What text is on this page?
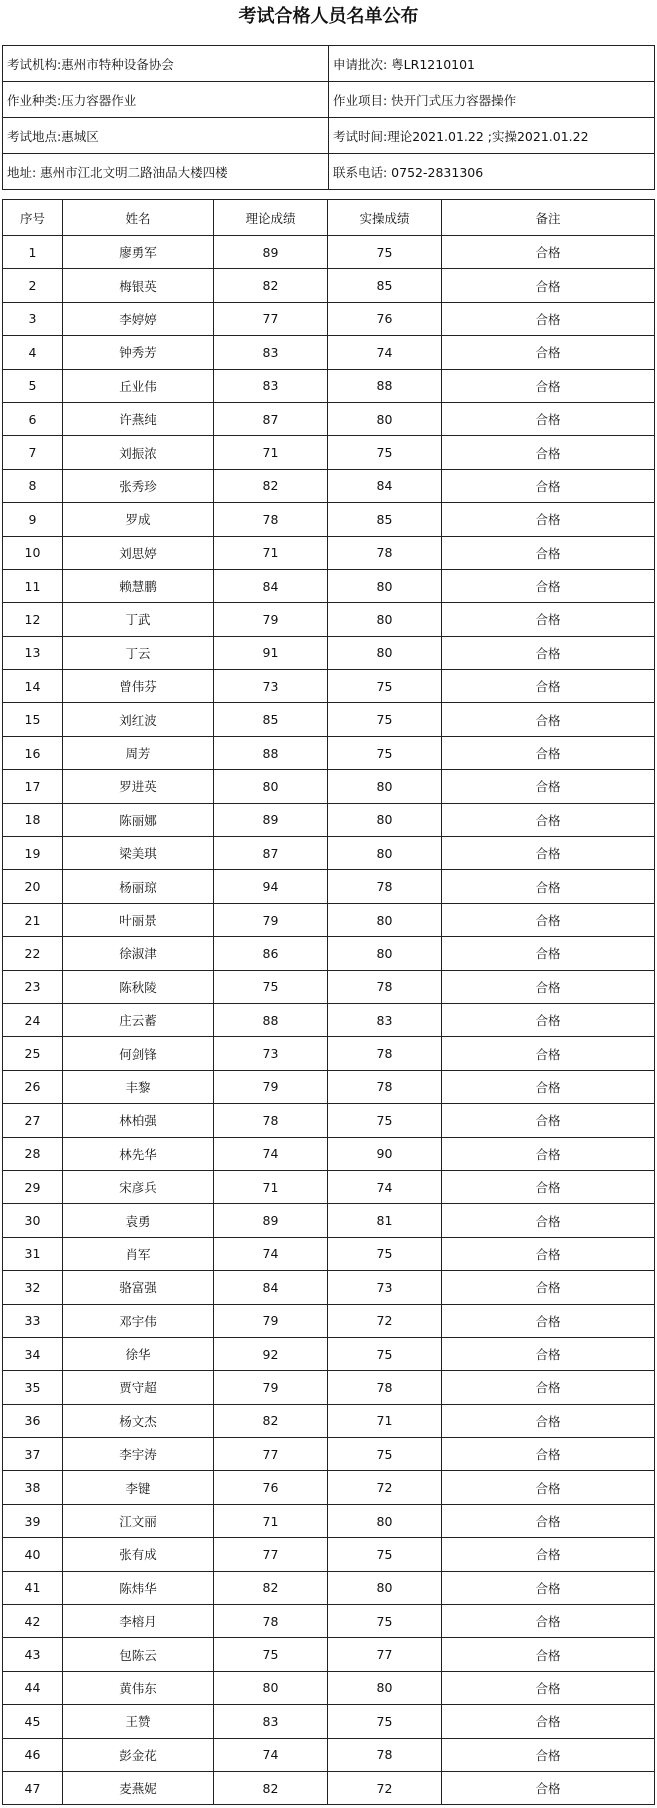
考试合格人员名单公布
考试机构:惠州市特种设备协会	申请批次: 粤LR1210101
作业种类:压力容器作业	作业项目: 快开门式压力容器操作
考试地点:惠城区	考试时间:理论2021.01.22 ;实操2021.01.22
地址: 惠州市江北文明二路油品大楼四楼	联系电话: 0752-2831306
序号	姓名	理论成绩	实操成绩	备注
1	廖勇军	89	75	合格
2	梅银英	82	85	合格
3	李婷婷	77	76	合格
4	钟秀芳	83	74	合格
5	丘业伟	83	88	合格
6	许燕纯	87	80	合格
7	刘振浓	71	75	合格
8	张秀珍	82	84	合格
9	罗成	78	85	合格
10	刘思婷	71	78	合格
11	赖慧鹏	84	80	合格
12	丁武	79	80	合格
13	丁云	91	80	合格
14	曾伟芬	73	75	合格
15	刘红波	85	75	合格
16	周芳	88	75	合格
17	罗进英	80	80	合格
18	陈丽娜	89	80	合格
19	梁美琪	87	80	合格
20	杨丽琼	94	78	合格
21	叶丽景	79	80	合格
22	徐淑津	86	80	合格
23	陈秋陵	75	78	合格
24	庄云蓄	88	83	合格
25	何剑锋	73	78	合格
26	丰黎	79	78	合格
27	林柏强	78	75	合格
28	林先华	74	90	合格
29	宋彦兵	71	74	合格
30	袁勇	89	81	合格
31	肖军	74	75	合格
32	骆富强	84	73	合格
33	邓宇伟	79	72	合格
34	徐华	92	75	合格
35	贾守超	79	78	合格
36	杨文杰	82	71	合格
37	李宇涛	77	75	合格
38	李键	76	72	合格
39	江文丽	71	80	合格
40	张有成	77	75	合格
41	陈炜华	82	80	合格
42	李榕月	78	75	合格
43	包陈云	75	77	合格
44	黄伟东	80	80	合格
45	王赞	83	75	合格
46	彭金花	74	78	合格
47	麦燕妮	82	72	合格
